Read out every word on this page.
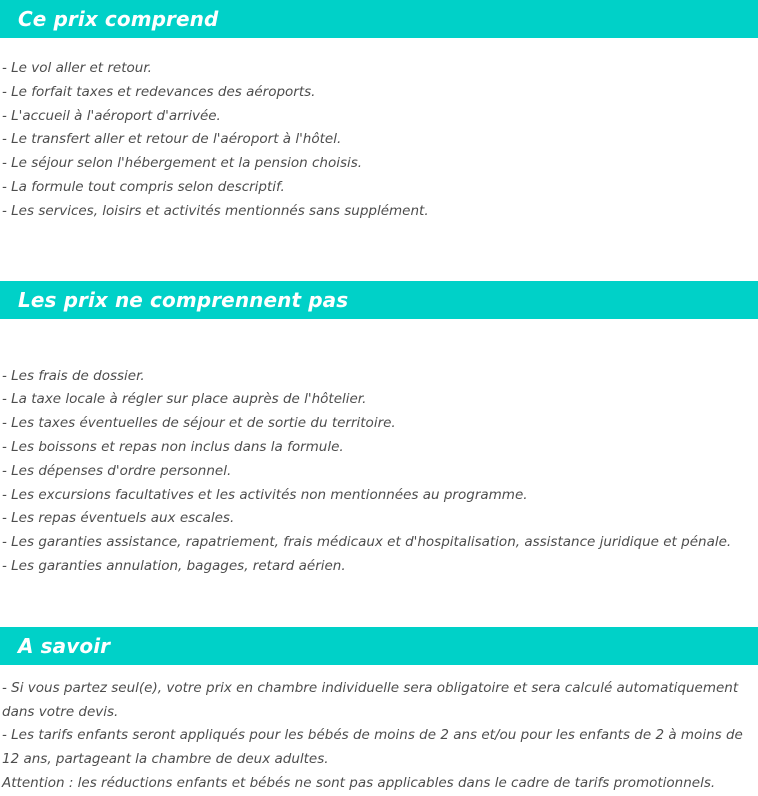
Ce prix comprend
- Le vol aller et retour.
- Le forfait taxes et redevances des aéroports.
- L'accueil à l'aéroport d'arrivée.
- Le transfert aller et retour de l'aéroport à l'hôtel.
- Le séjour selon l'hébergement et la pension choisis.
- La formule tout compris selon descriptif.
- Les services, loisirs et activités mentionnés sans supplément.
Les prix ne comprennent pas
- Les frais de dossier.
- La taxe locale à régler sur place auprès de l'hôtelier.
- Les taxes éventuelles de séjour et de sortie du territoire.
- Les boissons et repas non inclus dans la formule.
- Les dépenses d'ordre personnel.
- Les excursions facultatives et les activités non mentionnées au programme.
- Les repas éventuels aux escales.
- Les garanties assistance, rapatriement, frais médicaux et d'hospitalisation, assistance juridique et pénale.
- Les garanties annulation, bagages, retard aérien.
A savoir
- Si vous partez seul(e), votre prix en chambre individuelle sera obligatoire et sera calculé automatiquement dans votre devis.
- Les tarifs enfants seront appliqués pour les bébés de moins de 2 ans et/ou pour les enfants de 2 à moins de 12 ans, partageant la chambre de deux adultes.
Attention : les réductions enfants et bébés ne sont pas applicables dans le cadre de tarifs promotionnels.
